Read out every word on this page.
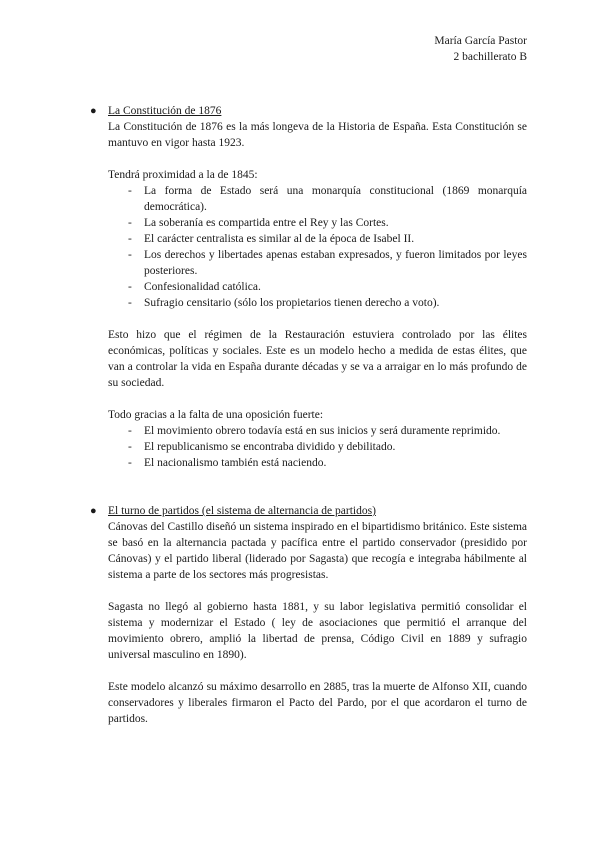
María García Pastor
2 bachillerato B
● La Constitución de 1876

La Constitución de 1876 es la más longeva de la Historia de España. Esta Constitución se mantuvo en vigor hasta 1923.

Tendrá proximidad a la de 1845:

- La forma de Estado será una monarquía constitucional (1869 monarquía democrática).
- La soberanía es compartida entre el Rey y las Cortes.
- El carácter centralista es similar al de la época de Isabel II.
- Los derechos y libertades apenas estaban expresados, y fueron limitados por leyes posteriores.
- Confesionalidad católica.
- Sufragio censitario (sólo los propietarios tienen derecho a voto).

Esto hizo que el régimen de la Restauración estuviera controlado por las élites económicas, políticas y sociales. Este es un modelo hecho a medida de estas élites, que van a controlar la vida en España durante décadas y se va a arraigar en lo más profundo de su sociedad.

Todo gracias a la falta de una oposición fuerte:

- El movimiento obrero todavía está en sus inicios y será duramente reprimido.
- El republicanismo se encontraba dividido y debilitado.
- El nacionalismo también está naciendo.
● El turno de partidos (el sistema de alternancia de partidos)

Cánovas del Castillo diseñó un sistema inspirado en el bipartidismo británico. Este sistema se basó en la alternancia pactada y pacífica entre el partido conservador (presidido por Cánovas) y el partido liberal (liderado por Sagasta) que recogía e integraba hábilmente al sistema a parte de los sectores más progresistas.

Sagasta no llegó al gobierno hasta 1881, y su labor legislativa permitió consolidar el sistema y modernizar el Estado ( ley de asociaciones que permitió el arranque del movimiento obrero, amplió la libertad de prensa, Código Civil en 1889 y sufragio universal masculino en 1890).

Este modelo alcanzó su máximo desarrollo en 2885, tras la muerte de Alfonso XII, cuando conservadores y liberales firmaron el Pacto del Pardo, por el que acordaron el turno de partidos.
